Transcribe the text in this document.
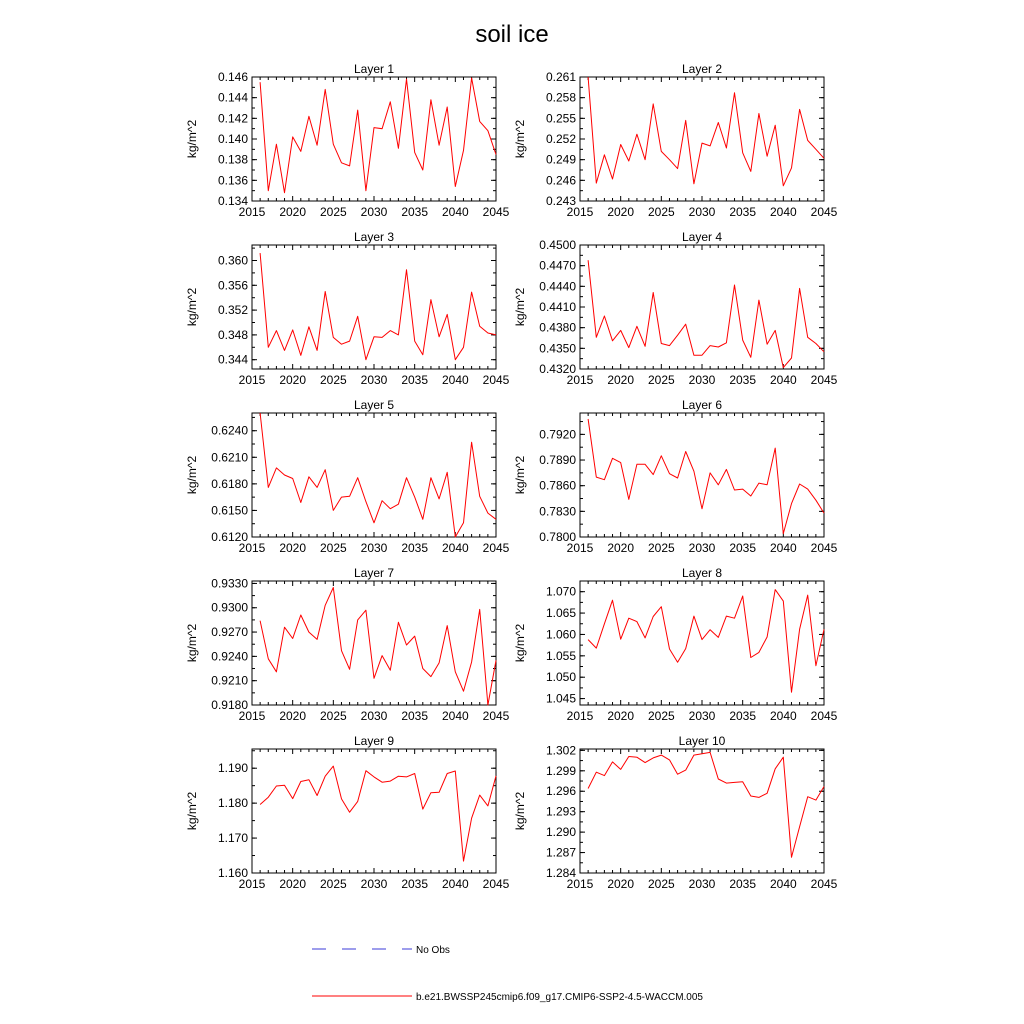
soil ice
Layer 1
kg/m^2
2015 2020 2025 2030 2035 2040 2045
0.134
0.136
0.138
0.140
0.142
0.144
0.146
Layer 2
kg/m^2
2015 2020 2025 2030 2035 2040 2045
0.243
0.246
0.249
0.252
0.255
0.258
0.261
Layer 3
kg/m^2
2015 2020 2025 2030 2035 2040 2045
0.344
0.348
0.352
0.356
0.360
Layer 4
kg/m^2
2015 2020 2025 2030 2035 2040 2045
0.4320
0.4350
0.4380
0.4410
0.4440
0.4470
0.4500
Layer 5
kg/m^2
2015 2020 2025 2030 2035 2040 2045
0.6120
0.6150
0.6180
0.6210
0.6240
Layer 6
kg/m^2
2015 2020 2025 2030 2035 2040 2045
0.7800
0.7830
0.7860
0.7890
0.7920
Layer 7
kg/m^2
2015 2020 2025 2030 2035 2040 2045
0.9180
0.9210
0.9240
0.9270
0.9300
0.9330
Layer 8
kg/m^2
2015 2020 2025 2030 2035 2040 2045
1.045
1.050
1.055
1.060
1.065
1.070
Layer 9
kg/m^2
2015 2020 2025 2030 2035 2040 2045
1.160
1.170
1.180
1.190
Layer 10
kg/m^2
2015 2020 2025 2030 2035 2040 2045
1.284
1.287
1.290
1.293
1.296
1.299
1.302
No Obs
b.e21.BWSSP245cmip6.f09_g17.CMIP6-SSP2-4.5-WACCM.005
